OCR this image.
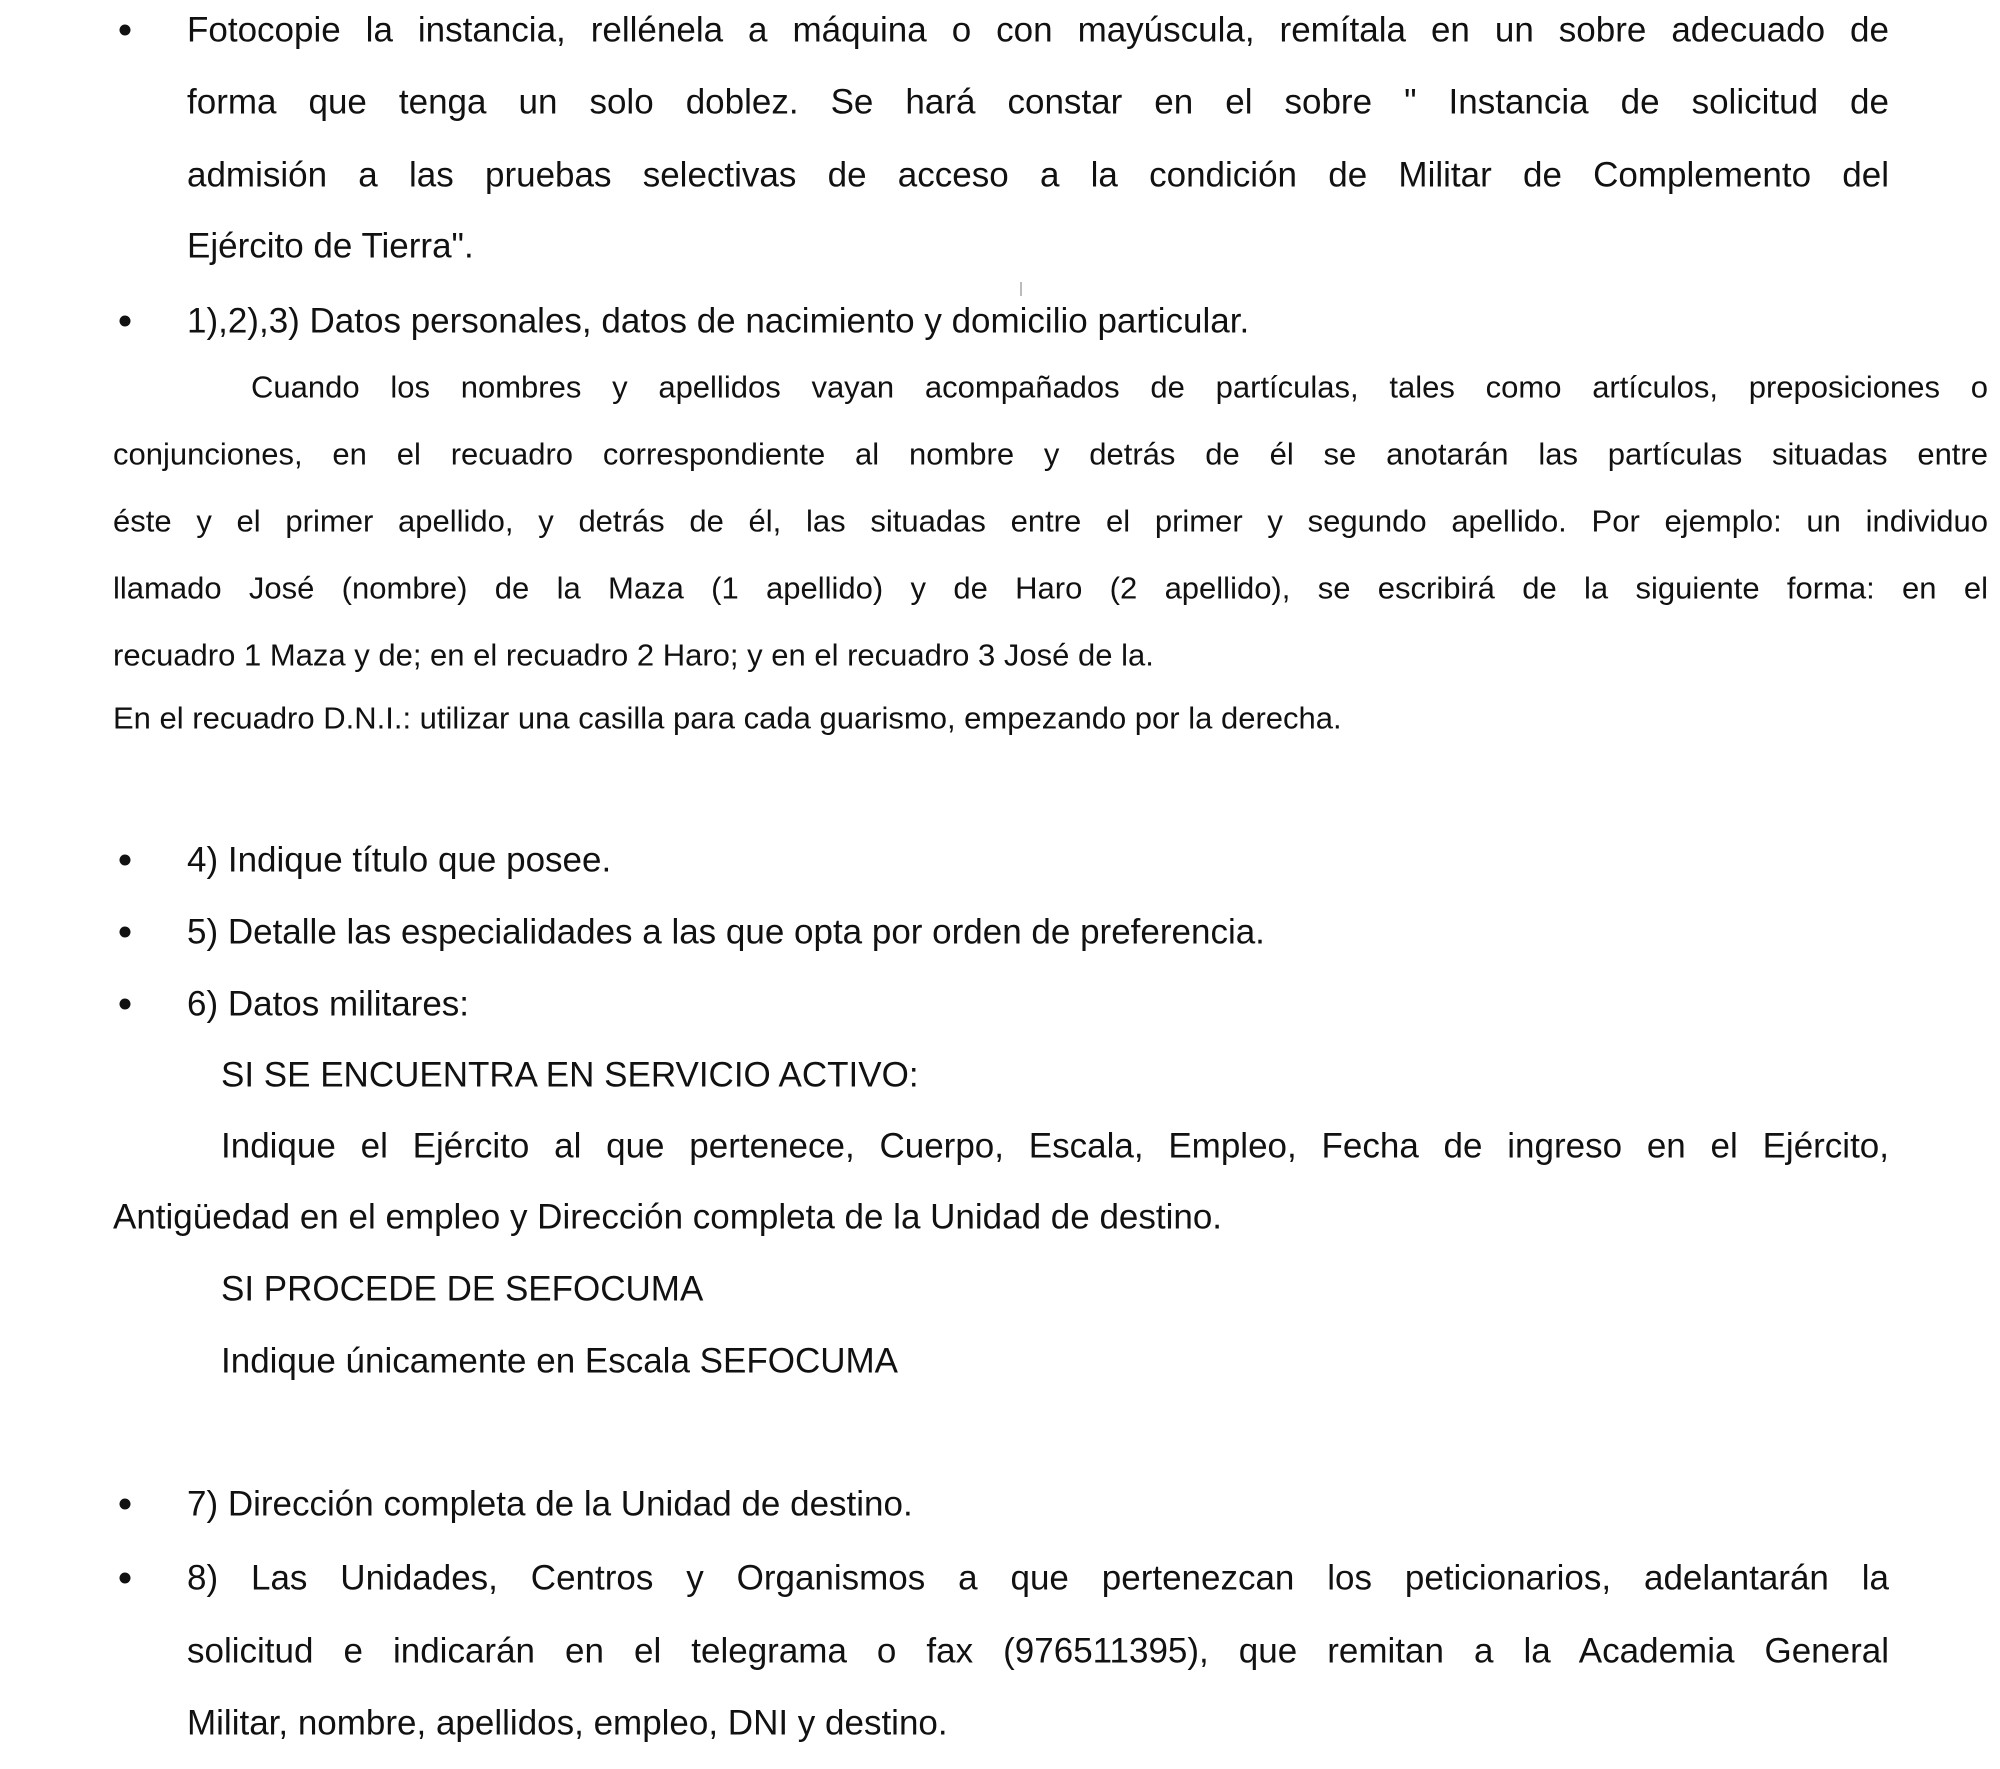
Fotocopie la instancia, rellénela a máquina o con mayúscula, remítala en un sobre adecuado de
forma que tenga un solo doblez. Se hará constar en el sobre " Instancia de solicitud de
admisión a las pruebas selectivas de acceso a la condición de Militar de Complemento del
Ejército de Tierra".
1),2),3) Datos personales, datos de nacimiento y domicilio particular.
Cuando los nombres y apellidos vayan acompañados de partículas, tales como artículos, preposiciones o
conjunciones, en el recuadro correspondiente al nombre y detrás de él se anotarán las partículas situadas entre
éste y el primer apellido, y detrás de él, las situadas entre el primer y segundo apellido. Por ejemplo: un individuo
llamado José (nombre) de la Maza (1 apellido) y de Haro (2 apellido), se escribirá de la siguiente forma: en el
recuadro 1 Maza y de; en el recuadro 2 Haro; y en el recuadro 3 José de la.
En el recuadro D.N.I.: utilizar una casilla para cada guarismo, empezando por la derecha.
4) Indique título que posee.
5) Detalle las especialidades a las que opta por orden de preferencia.
6) Datos militares:
SI SE ENCUENTRA EN SERVICIO ACTIVO:
Indique el Ejército al que pertenece, Cuerpo, Escala, Empleo, Fecha de ingreso en el Ejército,
Antigüedad en el empleo y Dirección completa de la Unidad de destino.
SI PROCEDE DE SEFOCUMA
Indique únicamente en Escala SEFOCUMA
7) Dirección completa de la Unidad de destino.
8) Las Unidades, Centros y Organismos a que pertenezcan los peticionarios, adelantarán la
solicitud e indicarán en el telegrama o fax (976511395), que remitan a la Academia General
Militar, nombre, apellidos, empleo, DNI y destino.
